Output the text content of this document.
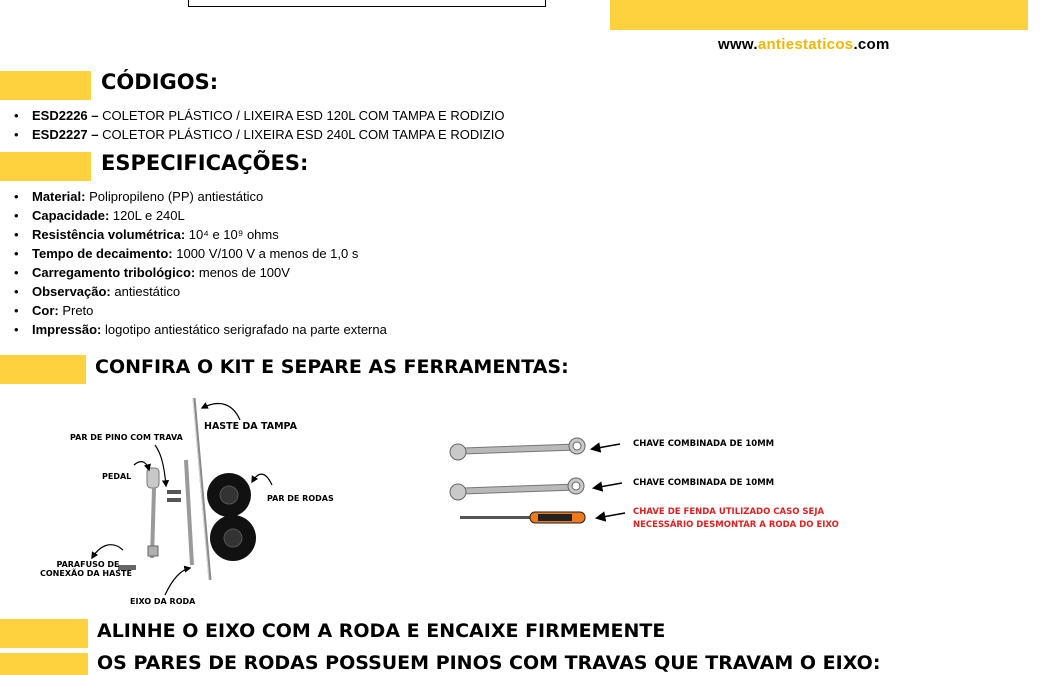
www.antiestaticos.com
CÓDIGOS:
• ESD2226 – COLETOR PLÁSTICO / LIXEIRA ESD 120L COM TAMPA E RODIZIO
• ESD2227 – COLETOR PLÁSTICO / LIXEIRA ESD 240L COM TAMPA E RODIZIO
ESPECIFICAÇÕES:
• Material: Polipropileno (PP) antiestático
• Capacidade: 120L e 240L
• Resistência volumétrica: 10⁴ e 10⁹ ohms
• Tempo de decaimento: 1000 V/100 V a menos de 1,0 s
• Carregamento tribológico: menos de 100V
• Observação: antiestático
• Cor: Preto
• Impressão: logotipo antiestático serigrafado na parte externa
CONFIRA O KIT E SEPARE AS FERRAMENTAS:
HASTE DA TAMPA
PAR DE PINO COM TRAVA
PEDAL
PAR DE RODAS
PARAFUSO DE
CONEXÃO DA HASTE
EIXO DA RODA
CHAVE COMBINADA DE 10MM
CHAVE COMBINADA DE 10MM
CHAVE DE FENDA UTILIZADO CASO SEJA
NECESSÁRIO DESMONTAR A RODA DO EIXO
ALINHE O EIXO COM A RODA E ENCAIXE FIRMEMENTE
OS PARES DE RODAS POSSUEM PINOS COM TRAVAS QUE TRAVAM O EIXO:
